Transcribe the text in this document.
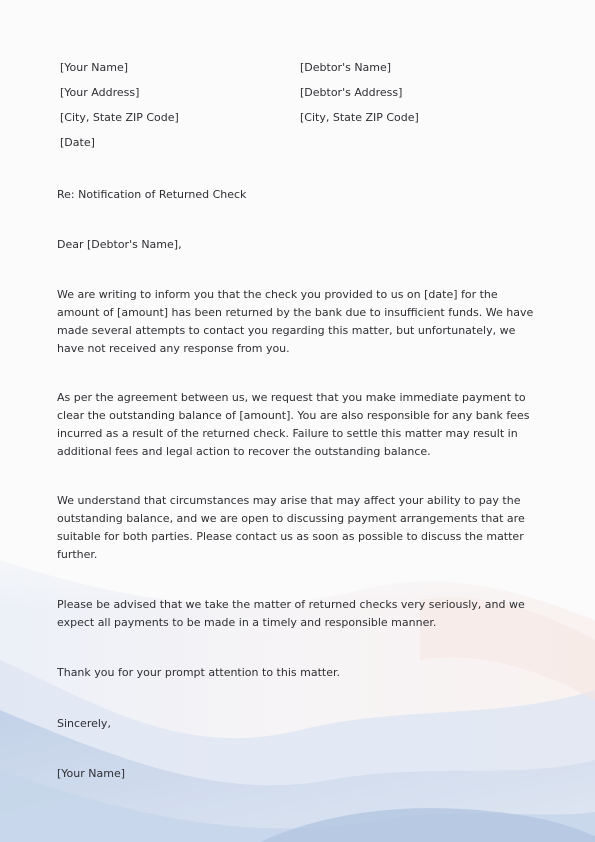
[Your Name]
[Your Address]
[City, State ZIP Code]
[Date]
[Debtor's Name]
[Debtor's Address]
[City, State ZIP Code]
Re: Notification of Returned Check
Dear [Debtor's Name],
We are writing to inform you that the check you provided to us on [date] for the amount of [amount] has been returned by the bank due to insufficient funds. We have made several attempts to contact you regarding this matter, but unfortunately, we have not received any response from you.
As per the agreement between us, we request that you make immediate payment to clear the outstanding balance of [amount]. You are also responsible for any bank fees incurred as a result of the returned check. Failure to settle this matter may result in additional fees and legal action to recover the outstanding balance.
We understand that circumstances may arise that may affect your ability to pay the outstanding balance, and we are open to discussing payment arrangements that are suitable for both parties. Please contact us as soon as possible to discuss the matter further.
Please be advised that we take the matter of returned checks very seriously, and we expect all payments to be made in a timely and responsible manner.
Thank you for your prompt attention to this matter.
Sincerely,
[Your Name]
